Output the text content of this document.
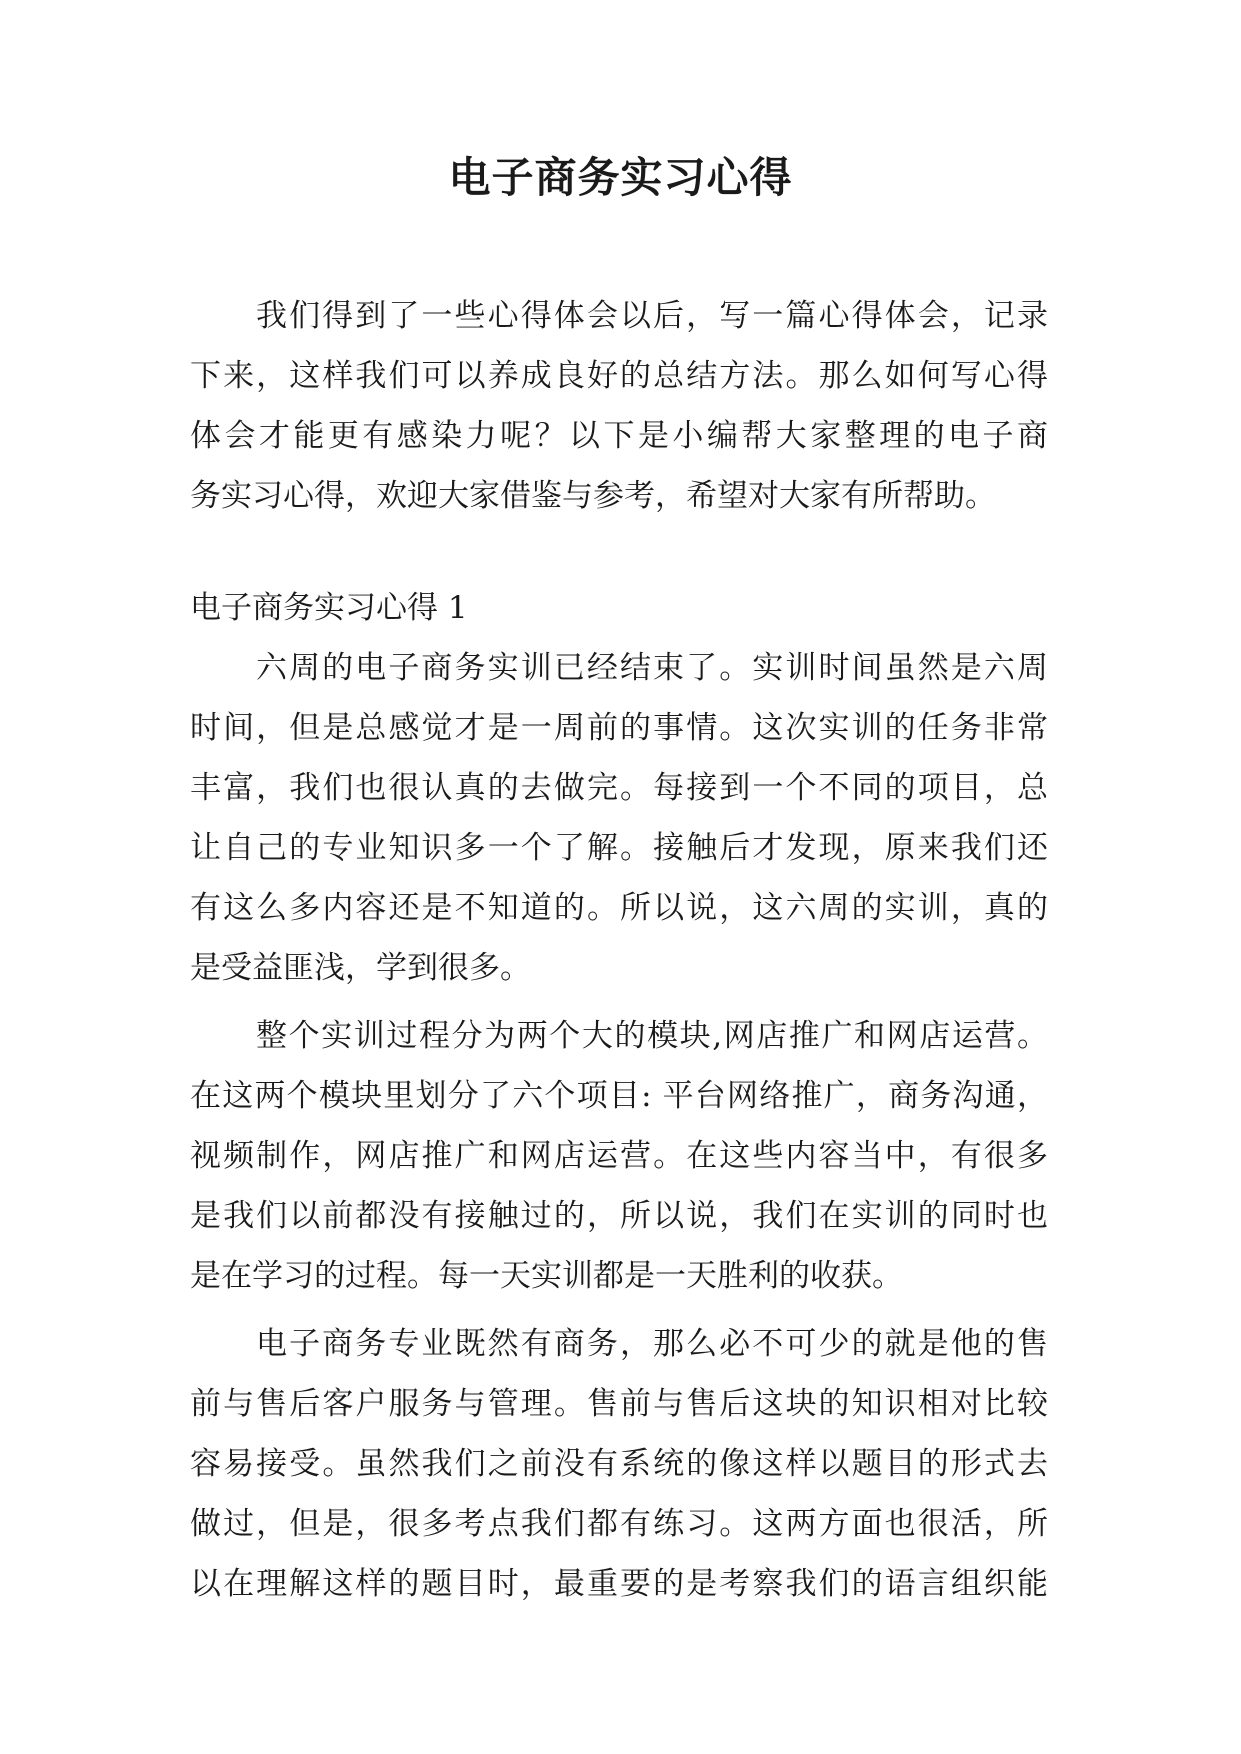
电子商务实习心得
我们得到了一些心得体会以后，写一篇心得体会，记录
下来，这样我们可以养成良好的总结方法。那么如何写心得
体会才能更有感染力呢？以下是小编帮大家整理的电子商
务实习心得，欢迎大家借鉴与参考，希望对大家有所帮助。
电子商务实习心得 1
六周的电子商务实训已经结束了。实训时间虽然是六周
时间，但是总感觉才是一周前的事情。这次实训的任务非常
丰富，我们也很认真的去做完。每接到一个不同的项目，总
让自己的专业知识多一个了解。接触后才发现，原来我们还
有这么多内容还是不知道的。所以说，这六周的实训，真的
是受益匪浅，学到很多。
整个实训过程分为两个大的模块,网店推广和网店运营。
在这两个模块里划分了六个项目: 平台网络推广，商务沟通，
视频制作，网店推广和网店运营。在这些内容当中，有很多
是我们以前都没有接触过的，所以说，我们在实训的同时也
是在学习的过程。每一天实训都是一天胜利的收获。
电子商务专业既然有商务，那么必不可少的就是他的售
前与售后客户服务与管理。售前与售后这块的知识相对比较
容易接受。虽然我们之前没有系统的像这样以题目的形式去
做过，但是，很多考点我们都有练习。这两方面也很活，所
以在理解这样的题目时，最重要的是考察我们的语言组织能
